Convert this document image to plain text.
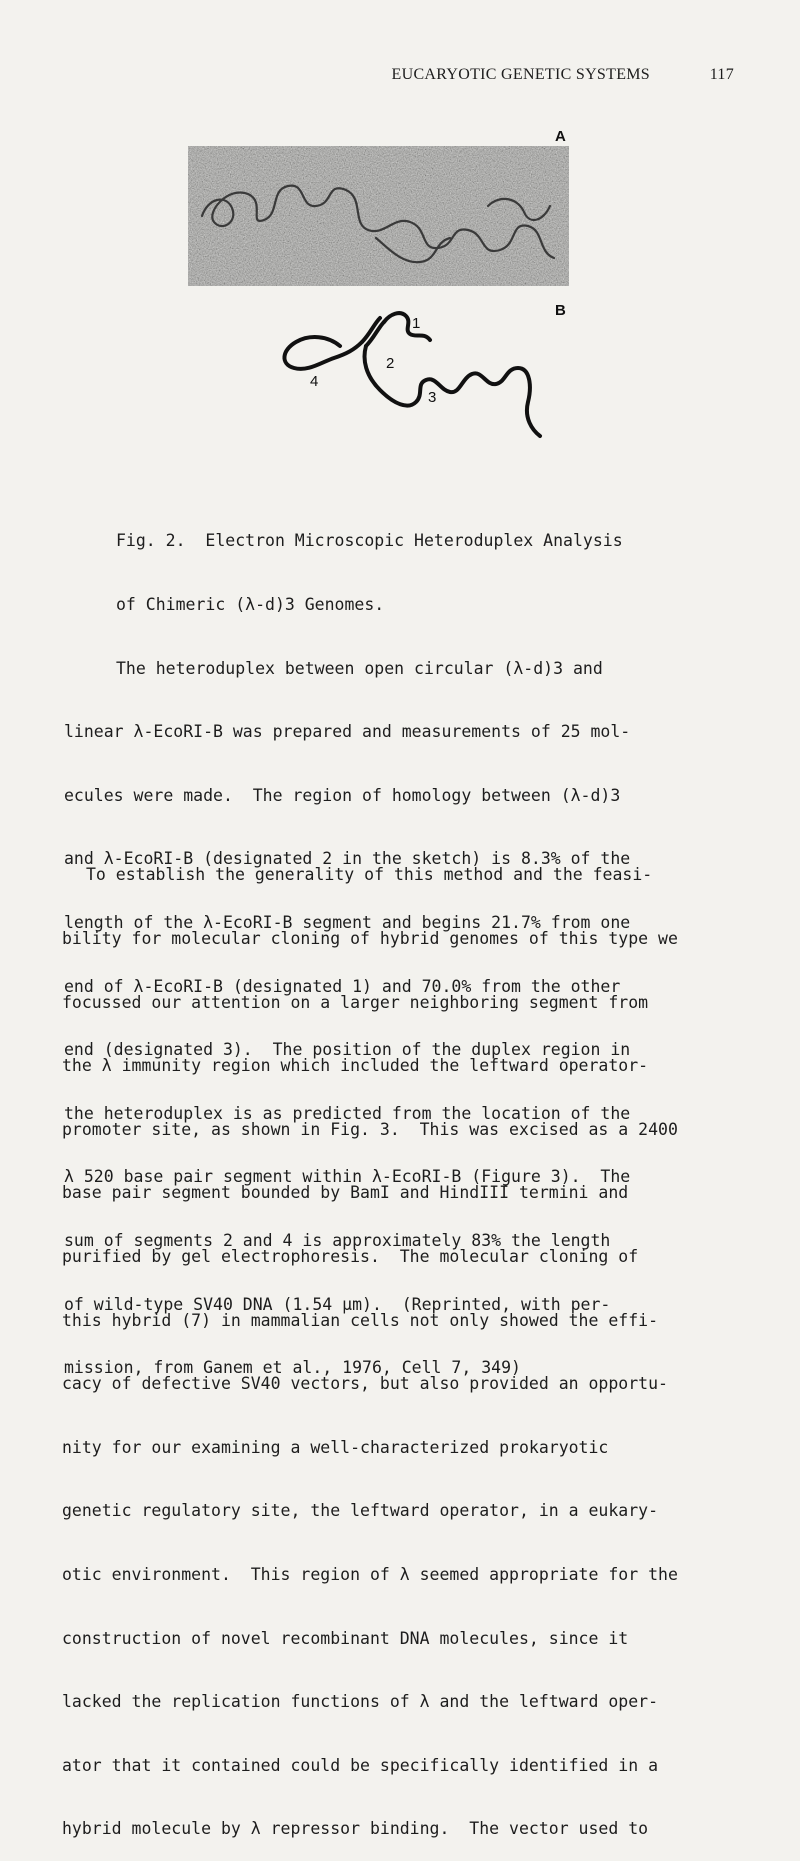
EUCARYOTIC GENETIC SYSTEMS	117
A
B
1
2
3
4

Fig. 2.  Electron Microscopic Heteroduplex Analysis

of Chimeric (λ-d)3 Genomes.

The heteroduplex between open circular (λ-d)3 and

linear λ-EcoRI-B was prepared and measurements of 25 mol-

ecules were made.  The region of homology between (λ-d)3

and λ-EcoRI-B (designated 2 in the sketch) is 8.3% of the

length of the λ-EcoRI-B segment and begins 21.7% from one

end of λ-EcoRI-B (designated 1) and 70.0% from the other

end (designated 3).  The position of the duplex region in

the heteroduplex is as predicted from the location of the

λ 520 base pair segment within λ-EcoRI-B (Figure 3).  The

sum of segments 2 and 4 is approximately 83% the length

of wild-type SV40 DNA (1.54 μm).  (Reprinted, with per-

mission, from Ganem et al., 1976, Cell 7, 349)

To establish the generality of this method and the feasi-

bility for molecular cloning of hybrid genomes of this type we

focussed our attention on a larger neighboring segment from

the λ immunity region which included the leftward operator-

promoter site, as shown in Fig. 3.  This was excised as a 2400

base pair segment bounded by BamI and HindIII termini and

purified by gel electrophoresis.  The molecular cloning of

this hybrid (7) in mammalian cells not only showed the effi-

cacy of defective SV40 vectors, but also provided an opportu-

nity for our examining a well-characterized prokaryotic

genetic regulatory site, the leftward operator, in a eukary-

otic environment.  This region of λ seemed appropriate for the

construction of novel recombinant DNA molecules, since it

lacked the replication functions of λ and the leftward oper-

ator that it contained could be specifically identified in a

hybrid molecule by λ repressor binding.  The vector used to
